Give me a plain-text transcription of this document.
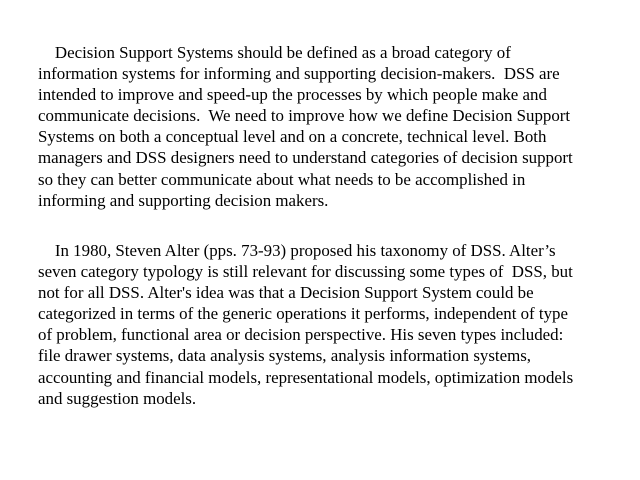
Decision Support Systems should be defined as a broad category of
information systems for informing and supporting decision-makers.  DSS are
intended to improve and speed-up the processes by which people make and
communicate decisions.  We need to improve how we define Decision Support
Systems on both a conceptual level and on a concrete, technical level. Both
managers and DSS designers need to understand categories of decision support
so they can better communicate about what needs to be accomplished in
informing and supporting decision makers.
In 1980, Steven Alter (pps. 73-93) proposed his taxonomy of DSS. Alter’s
seven category typology is still relevant for discussing some types of  DSS, but
not for all DSS. Alter's idea was that a Decision Support System could be
categorized in terms of the generic operations it performs, independent of type
of problem, functional area or decision perspective. His seven types included:
file drawer systems, data analysis systems, analysis information systems,
accounting and financial models, representational models, optimization models
and suggestion models.
